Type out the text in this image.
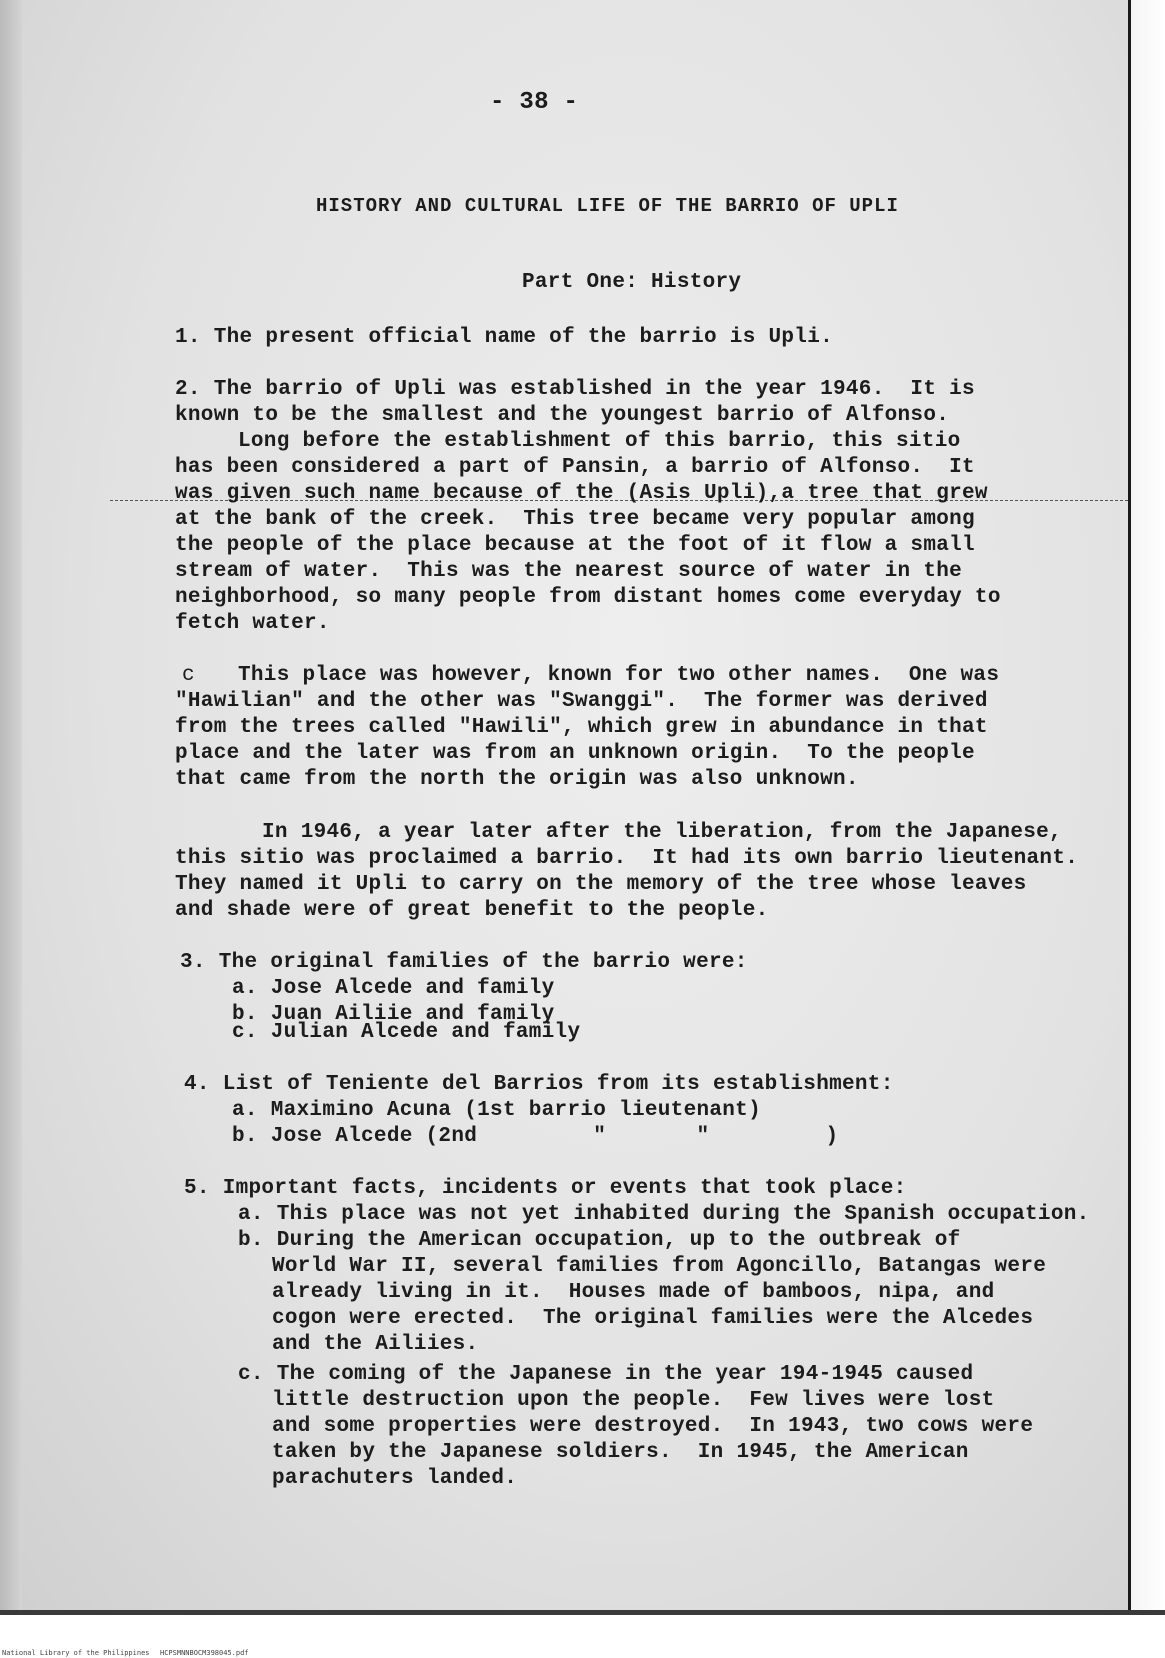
- 38 -
HISTORY AND CULTURAL LIFE OF THE BARRIO OF UPLI
Part One: History
1. The present official name of the barrio is Upli.
2. The barrio of Upli was established in the year 1946.  It is
known to be the smallest and the youngest barrio of Alfonso.
Long before the establishment of this barrio, this sitio
has been considered a part of Pansin, a barrio of Alfonso.  It
was given such name because of the (Asis Upli),a tree that grew
at the bank of the creek.  This tree became very popular among
the people of the place because at the foot of it flow a small
stream of water.  This was the nearest source of water in the
neighborhood, so many people from distant homes come everyday to
fetch water.
c This place was however, known for two other names.  One was
"Hawilian" and the other was "Swanggi".  The former was derived
from the trees called "Hawili", which grew in abundance in that
place and the later was from an unknown origin.  To the people
that came from the north the origin was also unknown.
In 1946, a year later after the liberation, from the Japanese,
this sitio was proclaimed a barrio.  It had its own barrio lieutenant.
They named it Upli to carry on the memory of the tree whose leaves
and shade were of great benefit to the people.
3. The original families of the barrio were:
a. Jose Alcede and family
b. Juan Ailiie and family
c. Julian Alcede and family
4. List of Teniente del Barrios from its establishment:
a. Maximino Acuna (1st barrio lieutenant)
b. Jose Alcede (2nd         "       "         )
5. Important facts, incidents or events that took place:
a. This place was not yet inhabited during the Spanish occupation.
b. During the American occupation, up to the outbreak of
World War II, several families from Agoncillo, Batangas were
already living in it.  Houses made of bamboos, nipa, and
cogon were erected.  The original families were the Alcedes
and the Ailiies.
c. The coming of the Japanese in the year 194-1945 caused
little destruction upon the people.  Few lives were lost
and some properties were destroyed.  In 1943, two cows were
taken by the Japanese soldiers.  In 1945, the American
parachuters landed.
National Library of the Philippines HCPSMNNBOCM398045.pdf
